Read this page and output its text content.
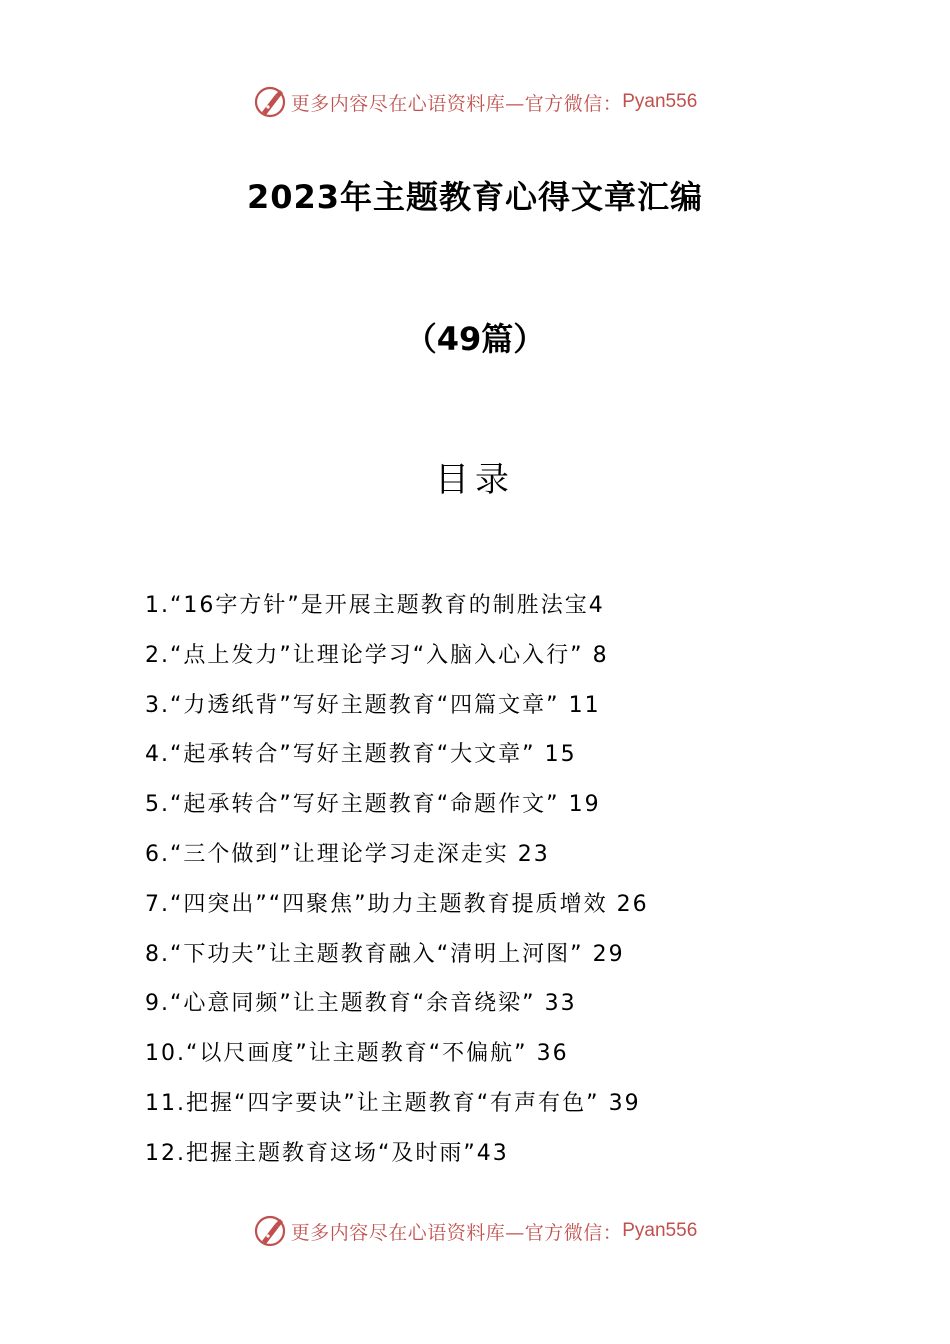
更多内容尽在心语资料库—官方微信： Pyan556
2023年主题教育心得文章汇编
（49篇）
目录
1.“16字方针”是开展主题教育的制胜法宝4
2.“点上发力”让理论学习“入脑入心入行” 8
3.“力透纸背”写好主题教育“四篇文章” 11
4.“起承转合”写好主题教育“大文章” 15
5.“起承转合”写好主题教育“命题作文” 19
6.“三个做到”让理论学习走深走实 23
7.“四突出”“四聚焦”助力主题教育提质增效 26
8.“下功夫”让主题教育融入“清明上河图” 29
9.“心意同频”让主题教育“余音绕梁” 33
10.“以尺画度”让主题教育“不偏航” 36
11.把握“四字要诀”让主题教育“有声有色” 39
12.把握主题教育这场“及时雨”43
更多内容尽在心语资料库—官方微信： Pyan556
